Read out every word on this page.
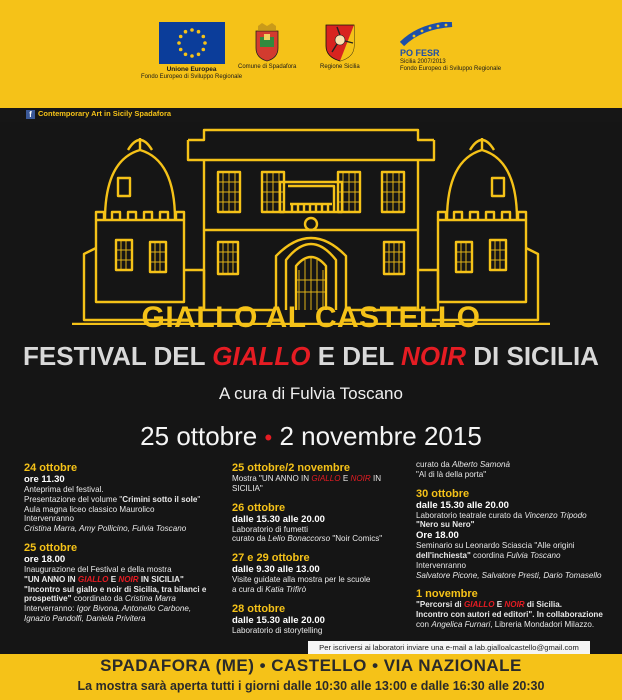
Unione Europea
Fondo Europeo di Sviluppo Regionale
Comune di Spadafora	Regione Sicilia
PO FESR
Sicilia 2007/2013
Fondo Europeo di Sviluppo Regionale
f Contemporary Art in Sicily Spadafora
GIALLO AL CASTELLO
FESTIVAL DEL GIALLO E DEL NOIR DI SICILIA
A cura di Fulvia Toscano
25 ottobre • 2 novembre 2015
24 ottobre
ore 11.30
Anteprima del festival.
Presentazione del volume "Crimini sotto il sole"
Aula magna liceo classico Maurolico
Intervenranno
Cristina Marra, Amy Pollicino, Fulvia Toscano
25 ottobre
ore 18.00
Inaugurazione del Festival e della mostra
"UN ANNO IN GIALLO E NOIR IN SICILIA"
"Incontro sul giallo e noir di Sicilia, tra bilanci e
prospettive" coordinato da Cristina Marra
Interverranno: Igor Bivona, Antonello Carbone,
Ignazio Pandolfi, Daniela Privitera
25 ottobre/2 novembre
Mostra "UN ANNO IN GIALLO E NOIR IN SICILIA"
26 ottobre
dalle 15.30 alle 20.00
Laboratorio di fumetti
curato da Lelio Bonaccorso "Noir Comics"
27 e 29 ottobre
dalle 9.30 alle 13.00
Visite guidate alla mostra per le scuole
a cura di Katia Trifirò
28 ottobre
dalle 15.30 alle 20.00
Laboratorio di storytelling
curato da Alberto Samonà
"Al di là della porta"
30 ottobre
dalle 15.30 alle 20.00
Laboratorio teatrale curato da Vincenzo Tripodo
"Nero su Nero"
Ore 18.00
Seminario su Leonardo Sciascia "Alle origini
dell'inchiesta" coordina Fulvia Toscano
Intervenranno
Salvatore Picone, Salvatore Presti, Dario Tomasello
1 novembre
"Percorsi di GIALLO E NOIR di Sicilia.
Incontro con autori ed editori". In collaborazione
con Angelica Furnari, Libreria Mondadori Milazzo.
Per iscriversi ai laboratori inviare una e-mail a lab.gialloalcastello@gmail.com
SPADAFORA (ME) • CASTELLO • VIA NAZIONALE
La mostra sarà aperta tutti i giorni dalle 10:30 alle 13:00 e dalle 16:30 alle 20:30
